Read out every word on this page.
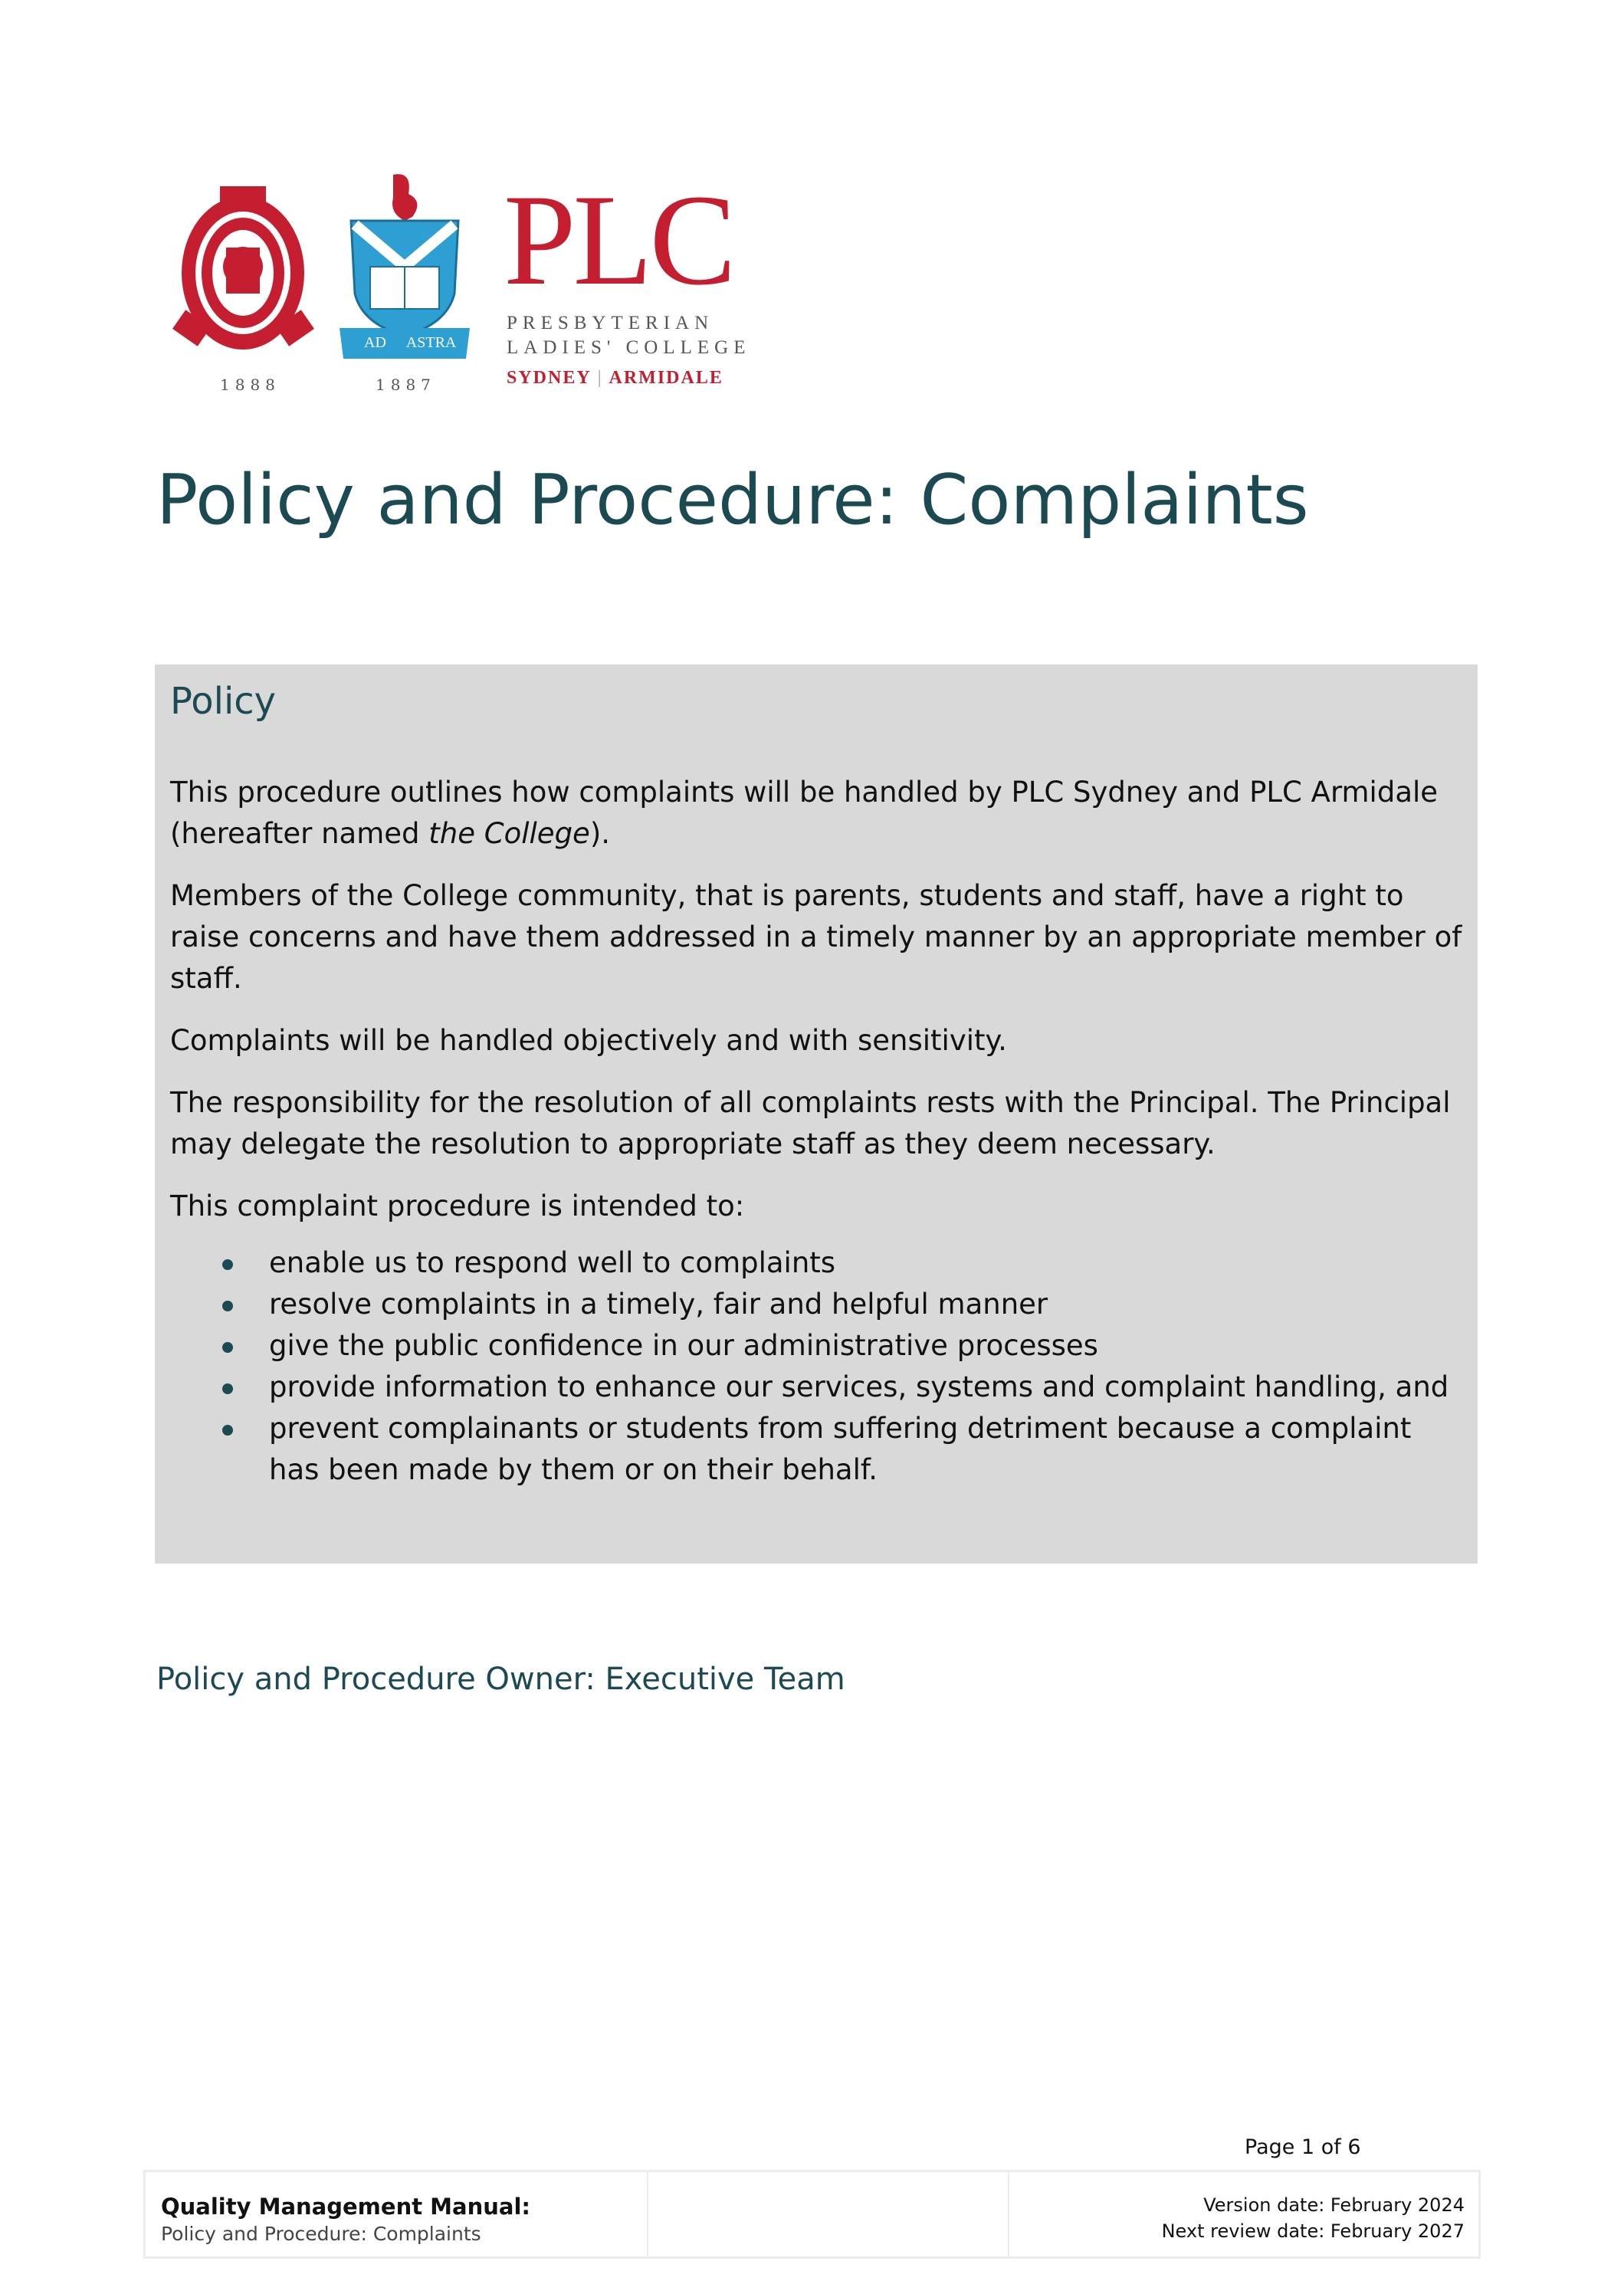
1888
AD ASTRA
1887
PLC
PRESBYTERIAN
LADIES' COLLEGE
SYDNEY | ARMIDALE
Policy and Procedure: Complaints
Policy

This procedure outlines how complaints will be handled by PLC Sydney and PLC Armidale (hereafter named the College).

Members of the College community, that is parents, students and staff, have a right to raise concerns and have them addressed in a timely manner by an appropriate member of staff.

Complaints will be handled objectively and with sensitivity.

The responsibility for the resolution of all complaints rests with the Principal. The Principal may delegate the resolution to appropriate staff as they deem necessary.

This complaint procedure is intended to:

enable us to respond well to complaints
resolve complaints in a timely, fair and helpful manner
give the public confidence in our administrative processes
provide information to enhance our services, systems and complaint handling, and
prevent complainants or students from suffering detriment because a complaint has been made by them or on their behalf.
Policy and Procedure Owner: Executive Team
Page 1 of 6
Quality Management Manual:
Policy and Procedure: Complaints
Version date: February 2024
Next review date: February 2027
